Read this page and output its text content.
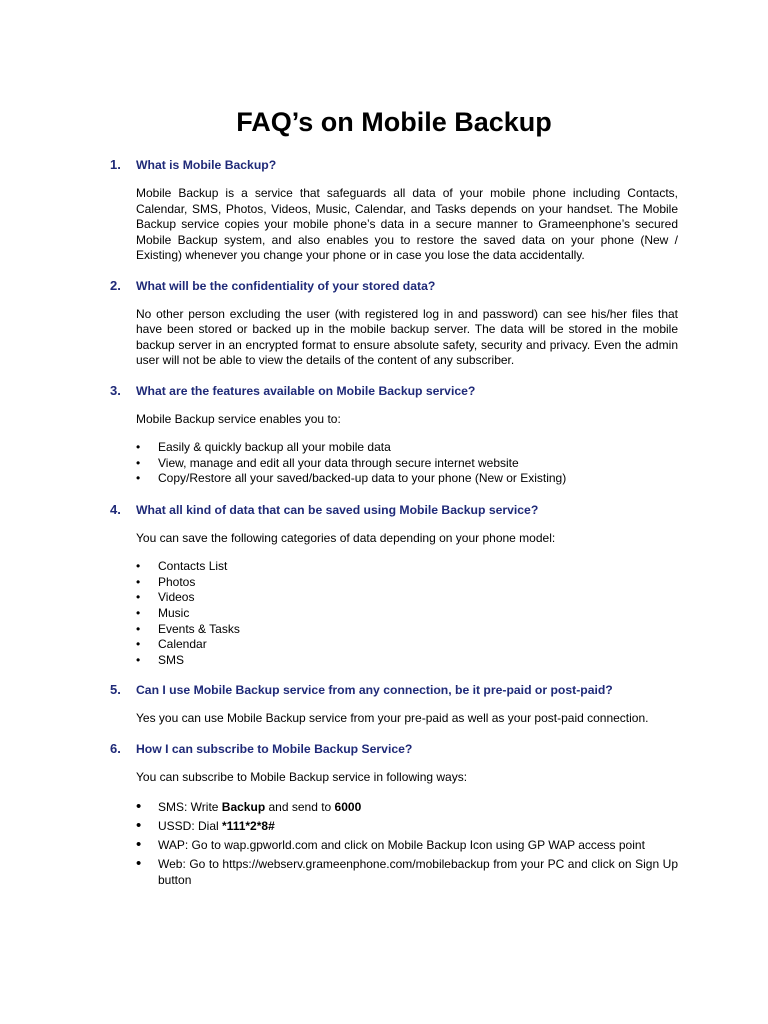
FAQ’s on Mobile Backup
1.	What is Mobile Backup?

Mobile Backup is a service that safeguards all data of your mobile phone including Contacts, Calendar, SMS, Photos, Videos, Music, Calendar, and Tasks depends on your handset. The Mobile Backup service copies your mobile phone’s data in a secure manner to Grameenphone’s secured Mobile Backup system, and also enables you to restore the saved data on your phone (New / Existing) whenever you change your phone or in case you lose the data accidentally.

2.	What will be the confidentiality of your stored data?

No other person excluding the user (with registered log in and password) can see his/her files that have been stored or backed up in the mobile backup server. The data will be stored in the mobile backup server in an encrypted format to ensure absolute safety, security and privacy. Even the admin user will not be able to view the details of the content of any subscriber.

3.	What are the features available on Mobile Backup service?

Mobile Backup service enables you to:

• Easily & quickly backup all your mobile data
• View, manage and edit all your data through secure internet website
• Copy/Restore all your saved/backed-up data to your phone (New or Existing)
4.	What all kind of data that can be saved using Mobile Backup service?

You can save the following categories of data depending on your phone model:

• Contacts List
• Photos
• Videos
• Music
• Events & Tasks
• Calendar
• SMS
5.	Can I use Mobile Backup service from any connection, be it pre-paid or post-paid?

Yes you can use Mobile Backup service from your pre-paid as well as your post-paid connection.

6.	How I can subscribe to Mobile Backup Service?

You can subscribe to Mobile Backup service in following ways:

• SMS: Write Backup and send to 6000
• USSD: Dial *111*2*8#
• WAP: Go to wap.gpworld.com and click on Mobile Backup Icon using GP WAP access point
• Web: Go to https://webserv.grameenphone.com/mobilebackup from your PC and click on Sign Up button
